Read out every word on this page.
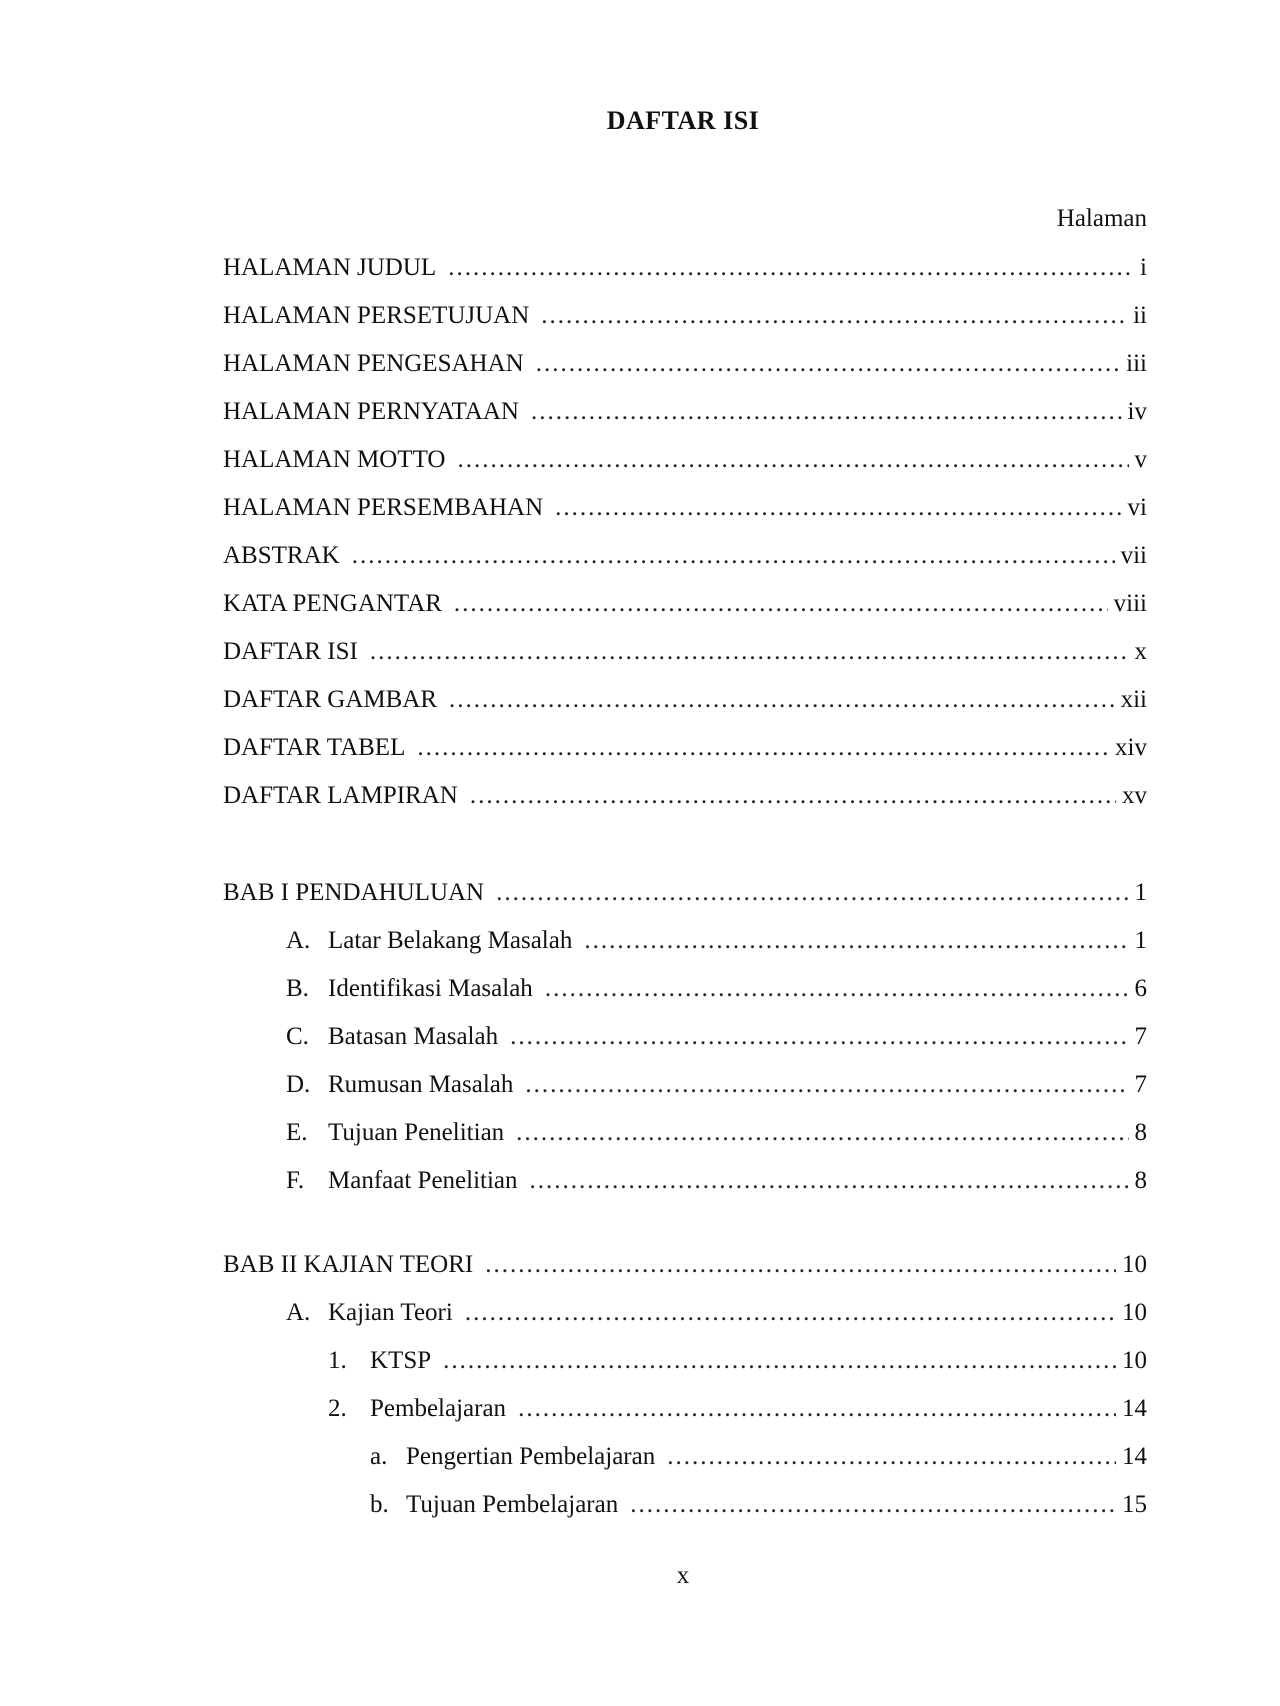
DAFTAR ISI
Halaman
HALAMAN JUDUL .....	i
HALAMAN PERSETUJUAN .....	ii
HALAMAN PENGESAHAN .....	iii
HALAMAN PERNYATAAN .....	iv
HALAMAN MOTTO .....	v
HALAMAN PERSEMBAHAN .....	vi
ABSTRAK .....	vii
KATA PENGANTAR .....	viii
DAFTAR ISI .....	x
DAFTAR GAMBAR .....	xii
DAFTAR TABEL .....	xiv
DAFTAR LAMPIRAN .....	xv
BAB I PENDAHULUAN .....	1
A. Latar Belakang Masalah .....	1
B. Identifikasi Masalah .....	6
C. Batasan Masalah .....	7
D. Rumusan Masalah .....	7
E. Tujuan Penelitian .....	8
F. Manfaat Penelitian .....	8
BAB II KAJIAN TEORI .....	10
A. Kajian Teori .....	10
1. KTSP .....	10
2. Pembelajaran .....	14
a. Pengertian Pembelajaran .....	14
b. Tujuan Pembelajaran .....	15
x
